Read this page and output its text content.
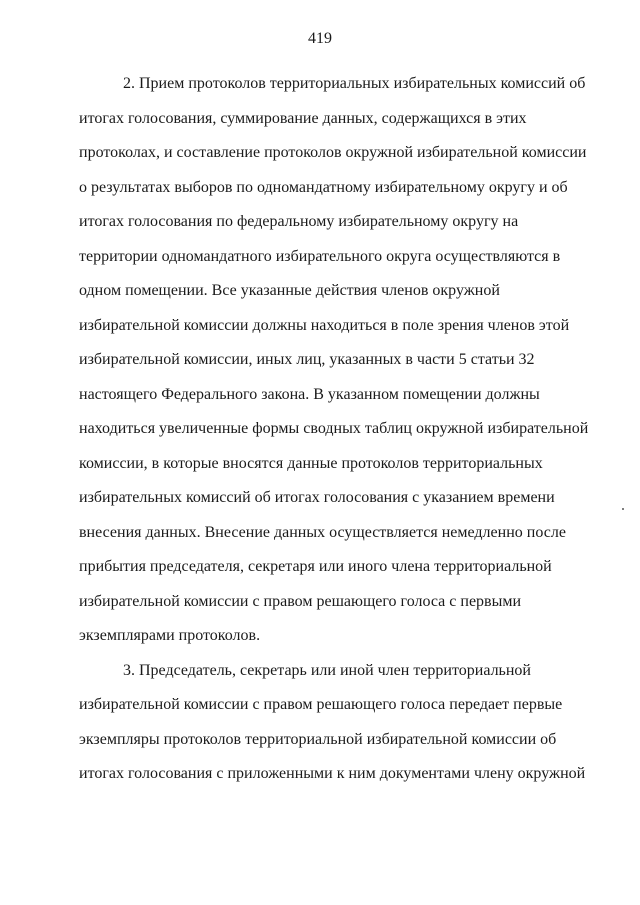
419
2. Прием протоколов территориальных избирательных комиссий об
итогах голосования, суммирование данных, содержащихся в этих
протоколах, и составление протоколов окружной избирательной комиссии
о результатах выборов по одномандатному избирательному округу и об
итогах голосования по федеральному избирательному округу на
территории одномандатного избирательного округа осуществляются в
одном помещении. Все указанные действия членов окружной
избирательной комиссии должны находиться в поле зрения членов этой
избирательной комиссии, иных лиц, указанных в части 5 статьи 32
настоящего Федерального закона. В указанном помещении должны
находиться увеличенные формы сводных таблиц окружной избирательной
комиссии, в которые вносятся данные протоколов территориальных
избирательных комиссий об итогах голосования с указанием времени
внесения данных. Внесение данных осуществляется немедленно после
прибытия председателя, секретаря или иного члена территориальной
избирательной комиссии с правом решающего голоса с первыми
экземплярами протоколов.
3. Председатель, секретарь или иной член территориальной
избирательной комиссии с правом решающего голоса передает первые
экземпляры протоколов территориальной избирательной комиссии об
итогах голосования с приложенными к ним документами члену окружной
